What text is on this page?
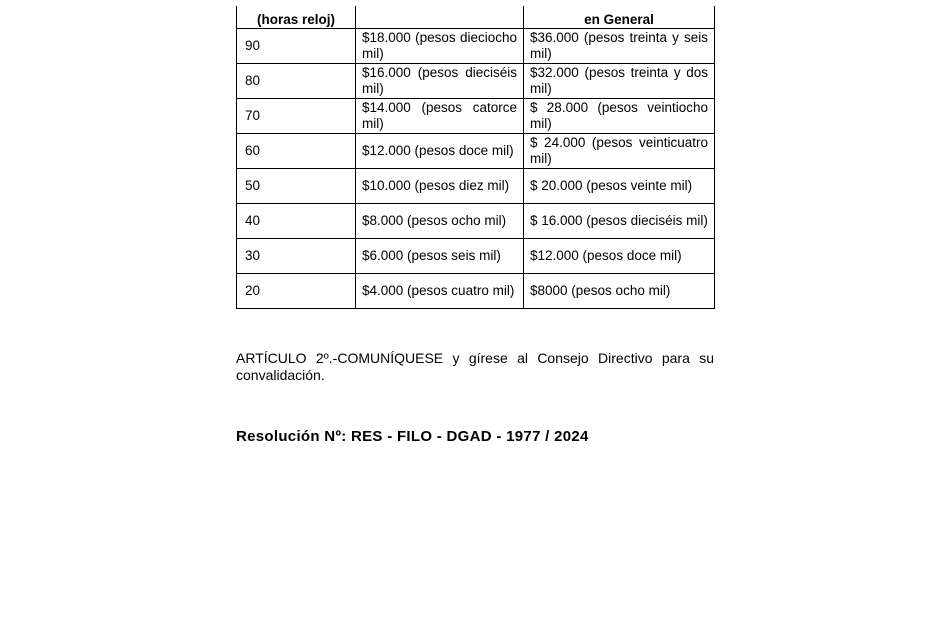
(horas reloj)		en General
90	$18.000 (pesos dieciocho mil)	$36.000 (pesos treinta y seis mil)
80	$16.000 (pesos dieciséis mil)	$32.000 (pesos treinta y dos mil)
70	$14.000 (pesos catorce mil)	$ 28.000 (pesos veintiocho mil)
60	$12.000 (pesos doce mil)	$ 24.000 (pesos veinticuatro mil)
50	$10.000 (pesos diez mil)	$ 20.000 (pesos veinte mil)
40	$8.000 (pesos ocho mil)	$ 16.000 (pesos dieciséis mil)
30	$6.000 (pesos seis mil)	$12.000 (pesos doce mil)
20	$4.000 (pesos cuatro mil)	$8000 (pesos ocho mil)

ARTÍCULO 2º.-COMUNÍQUESE y gírese al Consejo Directivo para su convalidación.

Resolución Nº: RES - FILO - DGAD - 1977 / 2024
